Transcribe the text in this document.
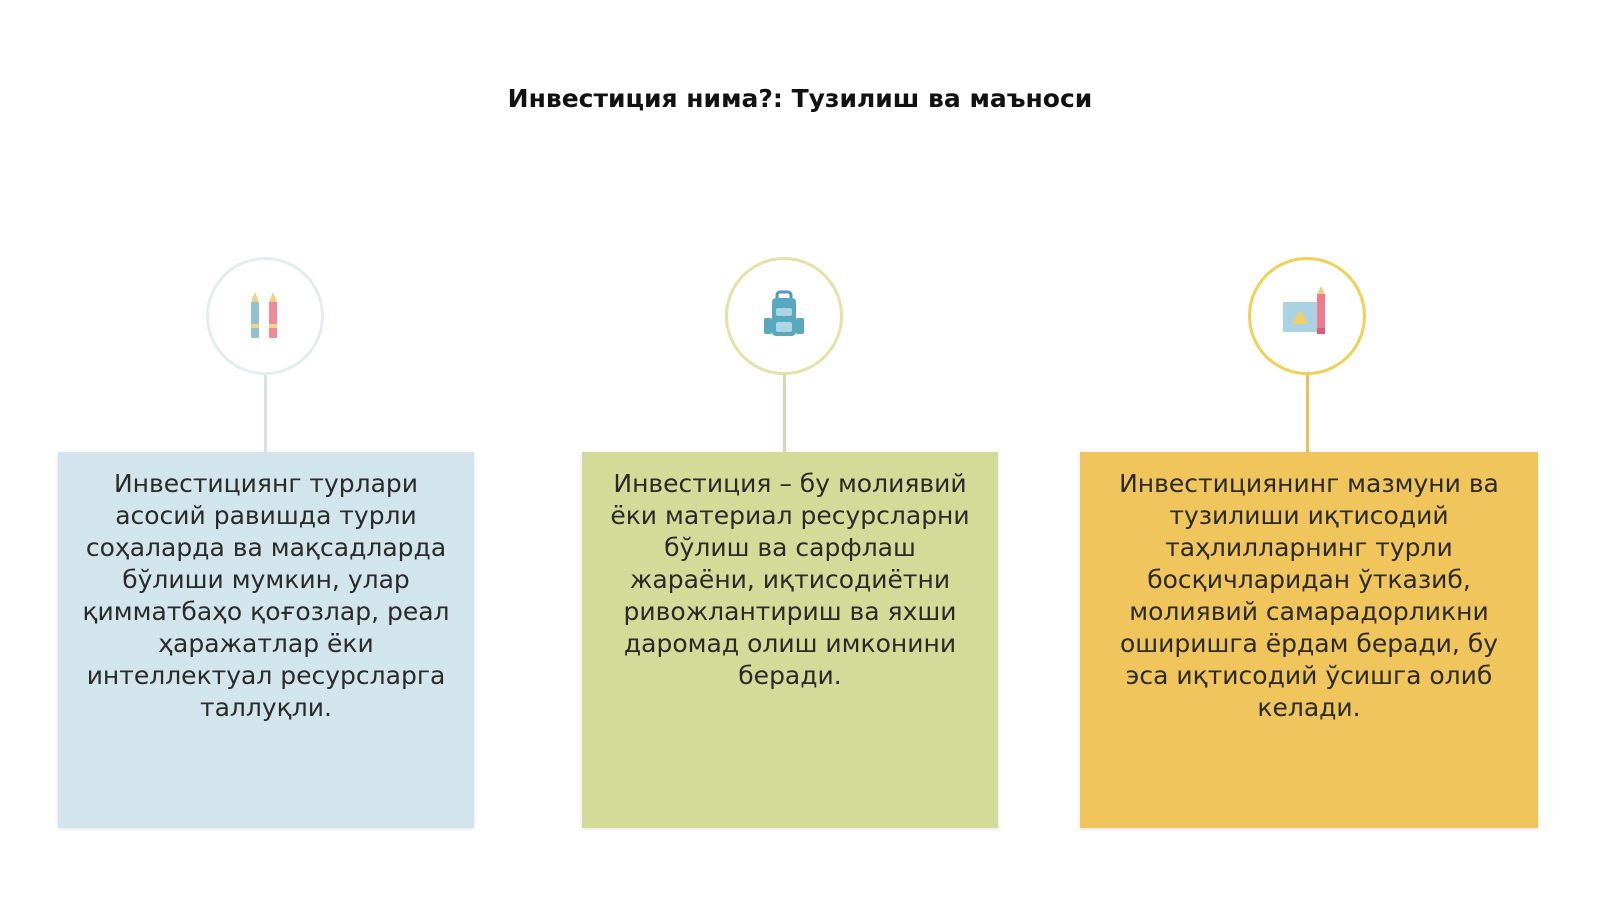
Инвестиция нима?: Тузилиш ва маъноси
Инвестициянг турлари асосий равишда турли соҳаларда ва мақсадларда бўлиши мумкин, улар қимматбаҳо қоғозлар, реал ҳаражатлар ёки интеллектуал ресурсларга таллуқли.
Инвестиция – бу молиявий ёки материал ресурсларни бўлиш ва сарфлаш жараёни, иқтисодиётни ривожлантириш ва яхши даромад олиш имконини беради.
Инвестициянинг мазмуни ва тузилиши иқтисодий таҳлилларнинг турли босқичларидан ўтказиб, молиявий самарадорликни оширишга ёрдам беради, бу эса иқтисодий ўсишга олиб келади.
